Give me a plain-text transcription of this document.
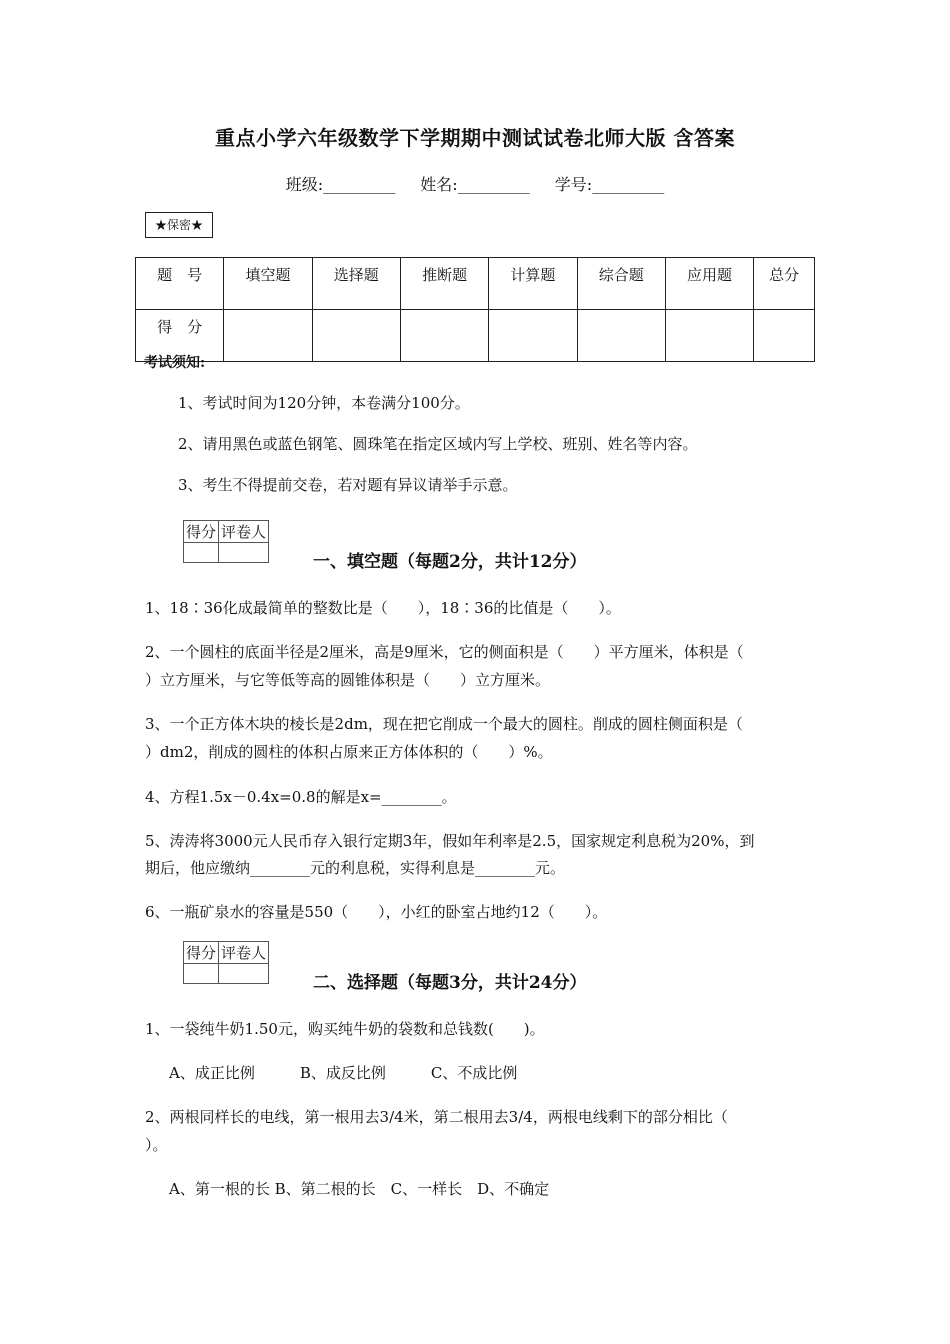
重点小学六年级数学下学期期中测试试卷北师大版 含答案
班级:_________ 姓名:_________ 学号:_________
★保密★
题　号	填空题	选择题	推断题	计算题	综合题	应用题	总分
得　分							
考试须知:
1、考试时间为120分钟，本卷满分100分。
2、请用黑色或蓝色钢笔、圆珠笔在指定区域内写上学校、班别、姓名等内容。
3、考生不得提前交卷，若对题有异议请举手示意。
得分	评卷人

一、填空题（每题2分，共计12分）
1、18∶36化成最简单的整数比是（　　），18∶36的比值是（　　）。
2、一个圆柱的底面半径是2厘米，高是9厘米，它的侧面积是（　　）平方厘米，体积是（
）立方厘米，与它等低等高的圆锥体积是（　　）立方厘米。
3、一个正方体木块的棱长是2dm，现在把它削成一个最大的圆柱。削成的圆柱侧面积是（
）dm2，削成的圆柱的体积占原来正方体体积的（　　）%。
4、方程1.5x－0.4x=0.8的解是x=________。
5、涛涛将3000元人民币存入银行定期3年，假如年利率是2.5，国家规定利息税为20%，到
期后，他应缴纳________元的利息税，实得利息是________元。
6、一瓶矿泉水的容量是550（　　），小红的卧室占地约12（　　）。
得分	评卷人

二、选择题（每题3分，共计24分）
1、一袋纯牛奶1.50元，购买纯牛奶的袋数和总钱数(　　)。
A、成正比例　　　B、成反比例　　　C、不成比例
2、两根同样长的电线，第一根用去3/4米，第二根用去3/4，两根电线剩下的部分相比（
）。
A、第一根的长 B、第二根的长　C、一样长　D、不确定
